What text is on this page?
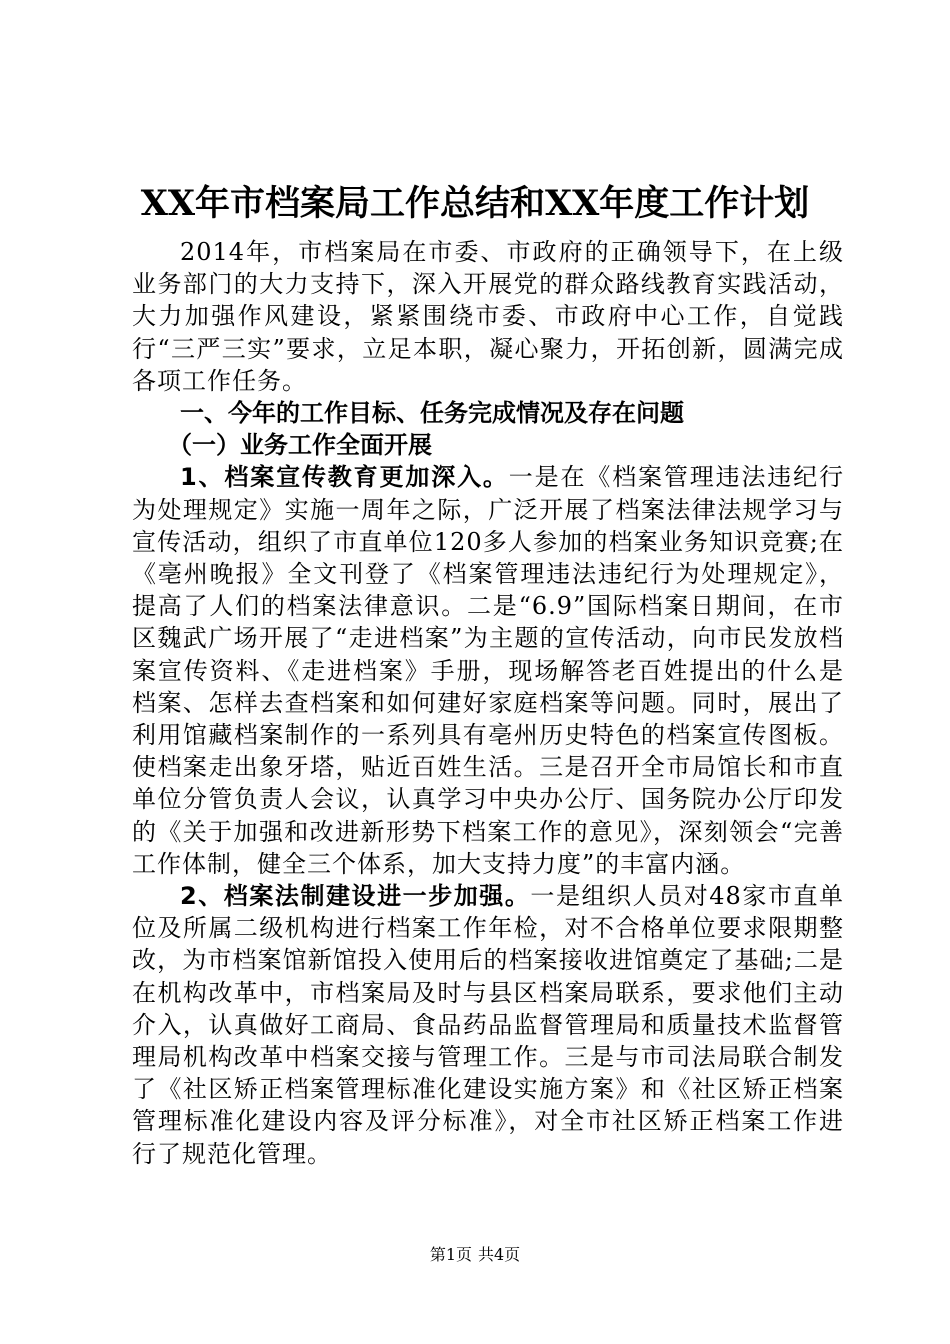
XX年市档案局工作总结和XX年度工作计划

2014年，市档案局在市委、市政府的正确领导下，在上级业务部门的大力支持下，深入开展党的群众路线教育实践活动，大力加强作风建设，紧紧围绕市委、市政府中心工作，自觉践行“三严三实”要求，立足本职，凝心聚力，开拓创新，圆满完成各项工作任务。

一、今年的工作目标、任务完成情况及存在问题

（一）业务工作全面开展

1、档案宣传教育更加深入。一是在《档案管理违法违纪行为处理规定》实施一周年之际，广泛开展了档案法律法规学习与宣传活动，组织了市直单位120多人参加的档案业务知识竞赛;在《亳州晚报》全文刊登了《档案管理违法违纪行为处理规定》，提高了人们的档案法律意识。二是“6.9”国际档案日期间，在市区魏武广场开展了“走进档案”为主题的宣传活动，向市民发放档案宣传资料、《走进档案》手册，现场解答老百姓提出的什么是档案、怎样去查档案和如何建好家庭档案等问题。同时，展出了利用馆藏档案制作的一系列具有亳州历史特色的档案宣传图板。使档案走出象牙塔，贴近百姓生活。三是召开全市局馆长和市直单位分管负责人会议，认真学习中央办公厅、国务院办公厅印发的《关于加强和改进新形势下档案工作的意见》，深刻领会“完善工作体制，健全三个体系，加大支持力度”的丰富内涵。

2、档案法制建设进一步加强。一是组织人员对48家市直单位及所属二级机构进行档案工作年检，对不合格单位要求限期整改，为市档案馆新馆投入使用后的档案接收进馆奠定了基础;二是在机构改革中，市档案局及时与县区档案局联系，要求他们主动介入，认真做好工商局、食品药品监督管理局和质量技术监督管理局机构改革中档案交接与管理工作。三是与市司法局联合制发了《社区矫正档案管理标准化建设实施方案》和《社区矫正档案管理标准化建设内容及评分标准》，对全市社区矫正档案工作进行了规范化管理。

第1页 共4页
